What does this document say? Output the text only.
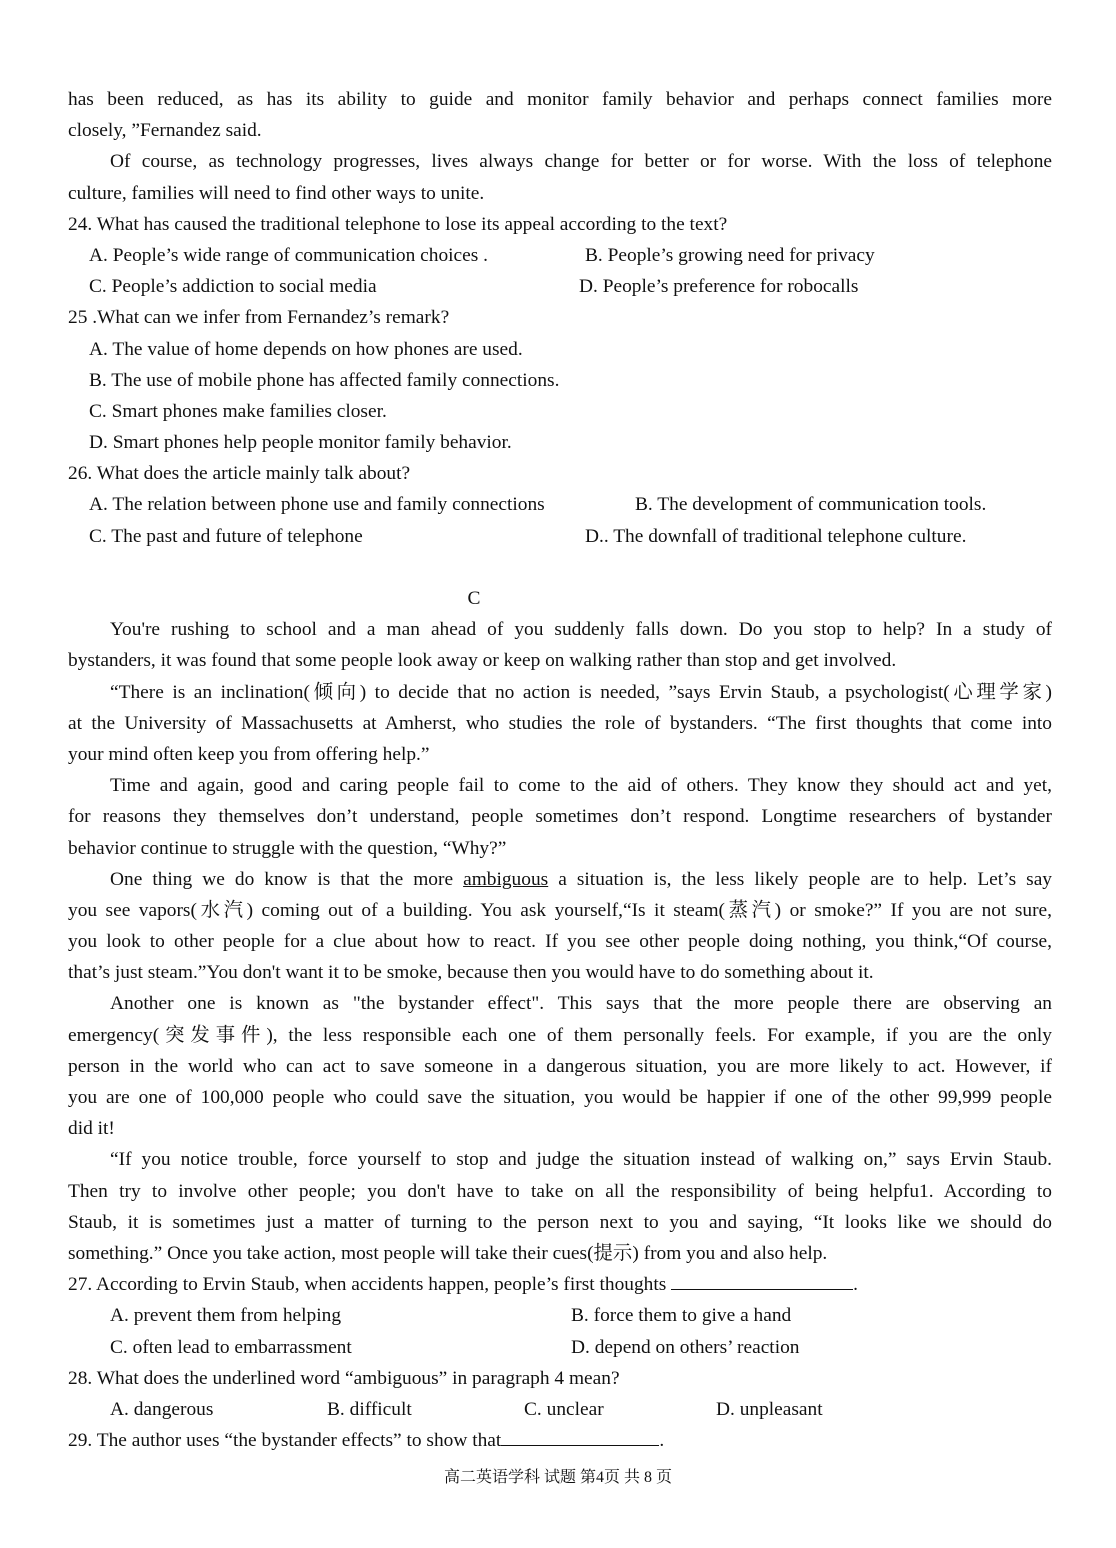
has been reduced, as has its ability to guide and monitor family behavior and perhaps connect families more
closely, ”Fernandez said.
Of course, as technology progresses, lives always change for better or for worse. With the loss of telephone
culture, families will need to find other ways to unite.
24. What has caused the traditional telephone to lose its appeal according to the text?
A. People’s wide range of communication choices .	B. People’s growing need for privacy
C. People’s addiction to social media	D. People’s preference for robocalls
25 .What can we infer from Fernandez’s remark?
A. The value of home depends on how phones are used.
B. The use of mobile phone has affected family connections.
C. Smart phones make families closer.
D. Smart phones help people monitor family behavior.
26. What does the article mainly talk about?
A. The relation between phone use and family connections	B. The development of communication tools.
C. The past and future of telephone	D.. The downfall of traditional telephone culture.
C
You're rushing to school and a man ahead of you suddenly falls down. Do you stop to help? In a study of
bystanders, it was found that some people look away or keep on walking rather than stop and get involved.
“There is an inclination(倾向) to decide that no action is needed, ”says Ervin Staub, a psychologist(心理学家)
at the University of Massachusetts at Amherst, who studies the role of bystanders. “The first thoughts that come into
your mind often keep you from offering help.”
Time and again, good and caring people fail to come to the aid of others. They know they should act and yet,
for reasons they themselves don’t understand, people sometimes don’t respond. Longtime researchers of bystander
behavior continue to struggle with the question, “Why?”
One thing we do know is that the more ambiguous a situation is, the less likely people are to help. Let’s say
you see vapors(水汽) coming out of a building. You ask yourself,“Is it steam(蒸汽) or smoke?” If you are not sure,
you look to other people for a clue about how to react. If you see other people doing nothing, you think,“Of course,
that’s just steam.”You don't want it to be smoke, because then you would have to do something about it.
Another one is known as "the bystander effect". This says that the more people there are observing an
emergency(突发事件), the less responsible each one of them personally feels. For example, if you are the only
person in the world who can act to save someone in a dangerous situation, you are more likely to act. However, if
you are one of 100,000 people who could save the situation, you would be happier if one of the other 99,999 people
did it!
“If you notice trouble, force yourself to stop and judge the situation instead of walking on,” says Ervin Staub.
Then try to involve other people; you don't have to take on all the responsibility of being helpfu1. According to
Staub, it is sometimes just a matter of turning to the person next to you and saying, “It looks like we should do
something.” Once you take action, most people will take their cues(提示) from you and also help.
27. According to Ervin Staub, when accidents happen, people’s first thoughts	.
A. prevent them from helping	B. force them to give a hand
C. often lead to embarrassment	D. depend on others’ reaction
28. What does the underlined word “ambiguous” in paragraph 4 mean?
A. dangerous	B. difficult	C. unclear	D. unpleasant
29. The author uses “the bystander effects” to show that	.
高二英语学科 试题 第4页 共 8 页
